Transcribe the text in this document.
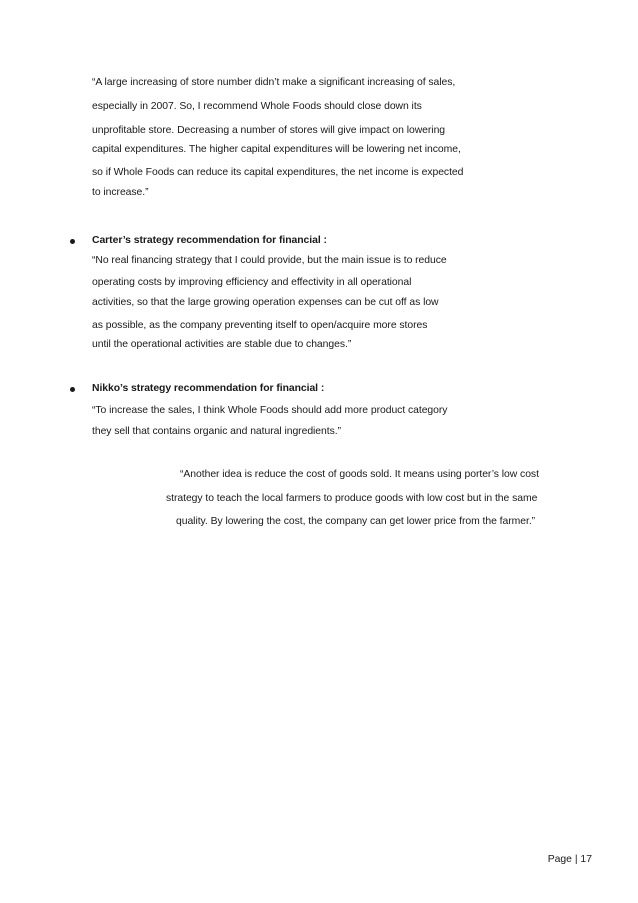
“A large increasing of store number didn’t make a significant increasing of sales,
especially in 2007. So, I recommend Whole Foods should close down its
unprofitable store. Decreasing a number of stores will give impact on lowering
capital expenditures. The higher capital expenditures will be lowering net income,
so if Whole Foods can reduce its capital expenditures, the net income is expected
to increase.”
Carter’s strategy recommendation for financial :
“No real financing strategy that I could provide, but the main issue is to reduce
operating costs by improving efficiency and effectivity in all operational
activities, so that the large growing operation expenses can be cut off as low
as possible, as the company preventing itself to open/acquire more stores
until the operational activities are stable due to changes.”
Nikko’s strategy recommendation for financial :
“To increase the sales, I think Whole Foods should add more product category
they sell that contains organic and natural ingredients.”
“Another idea is reduce the cost of goods sold. It means using porter’s low cost
strategy to teach the local farmers to produce goods with low cost but in the same
quality. By lowering the cost, the company can get lower price from the farmer.”
Page | 17
